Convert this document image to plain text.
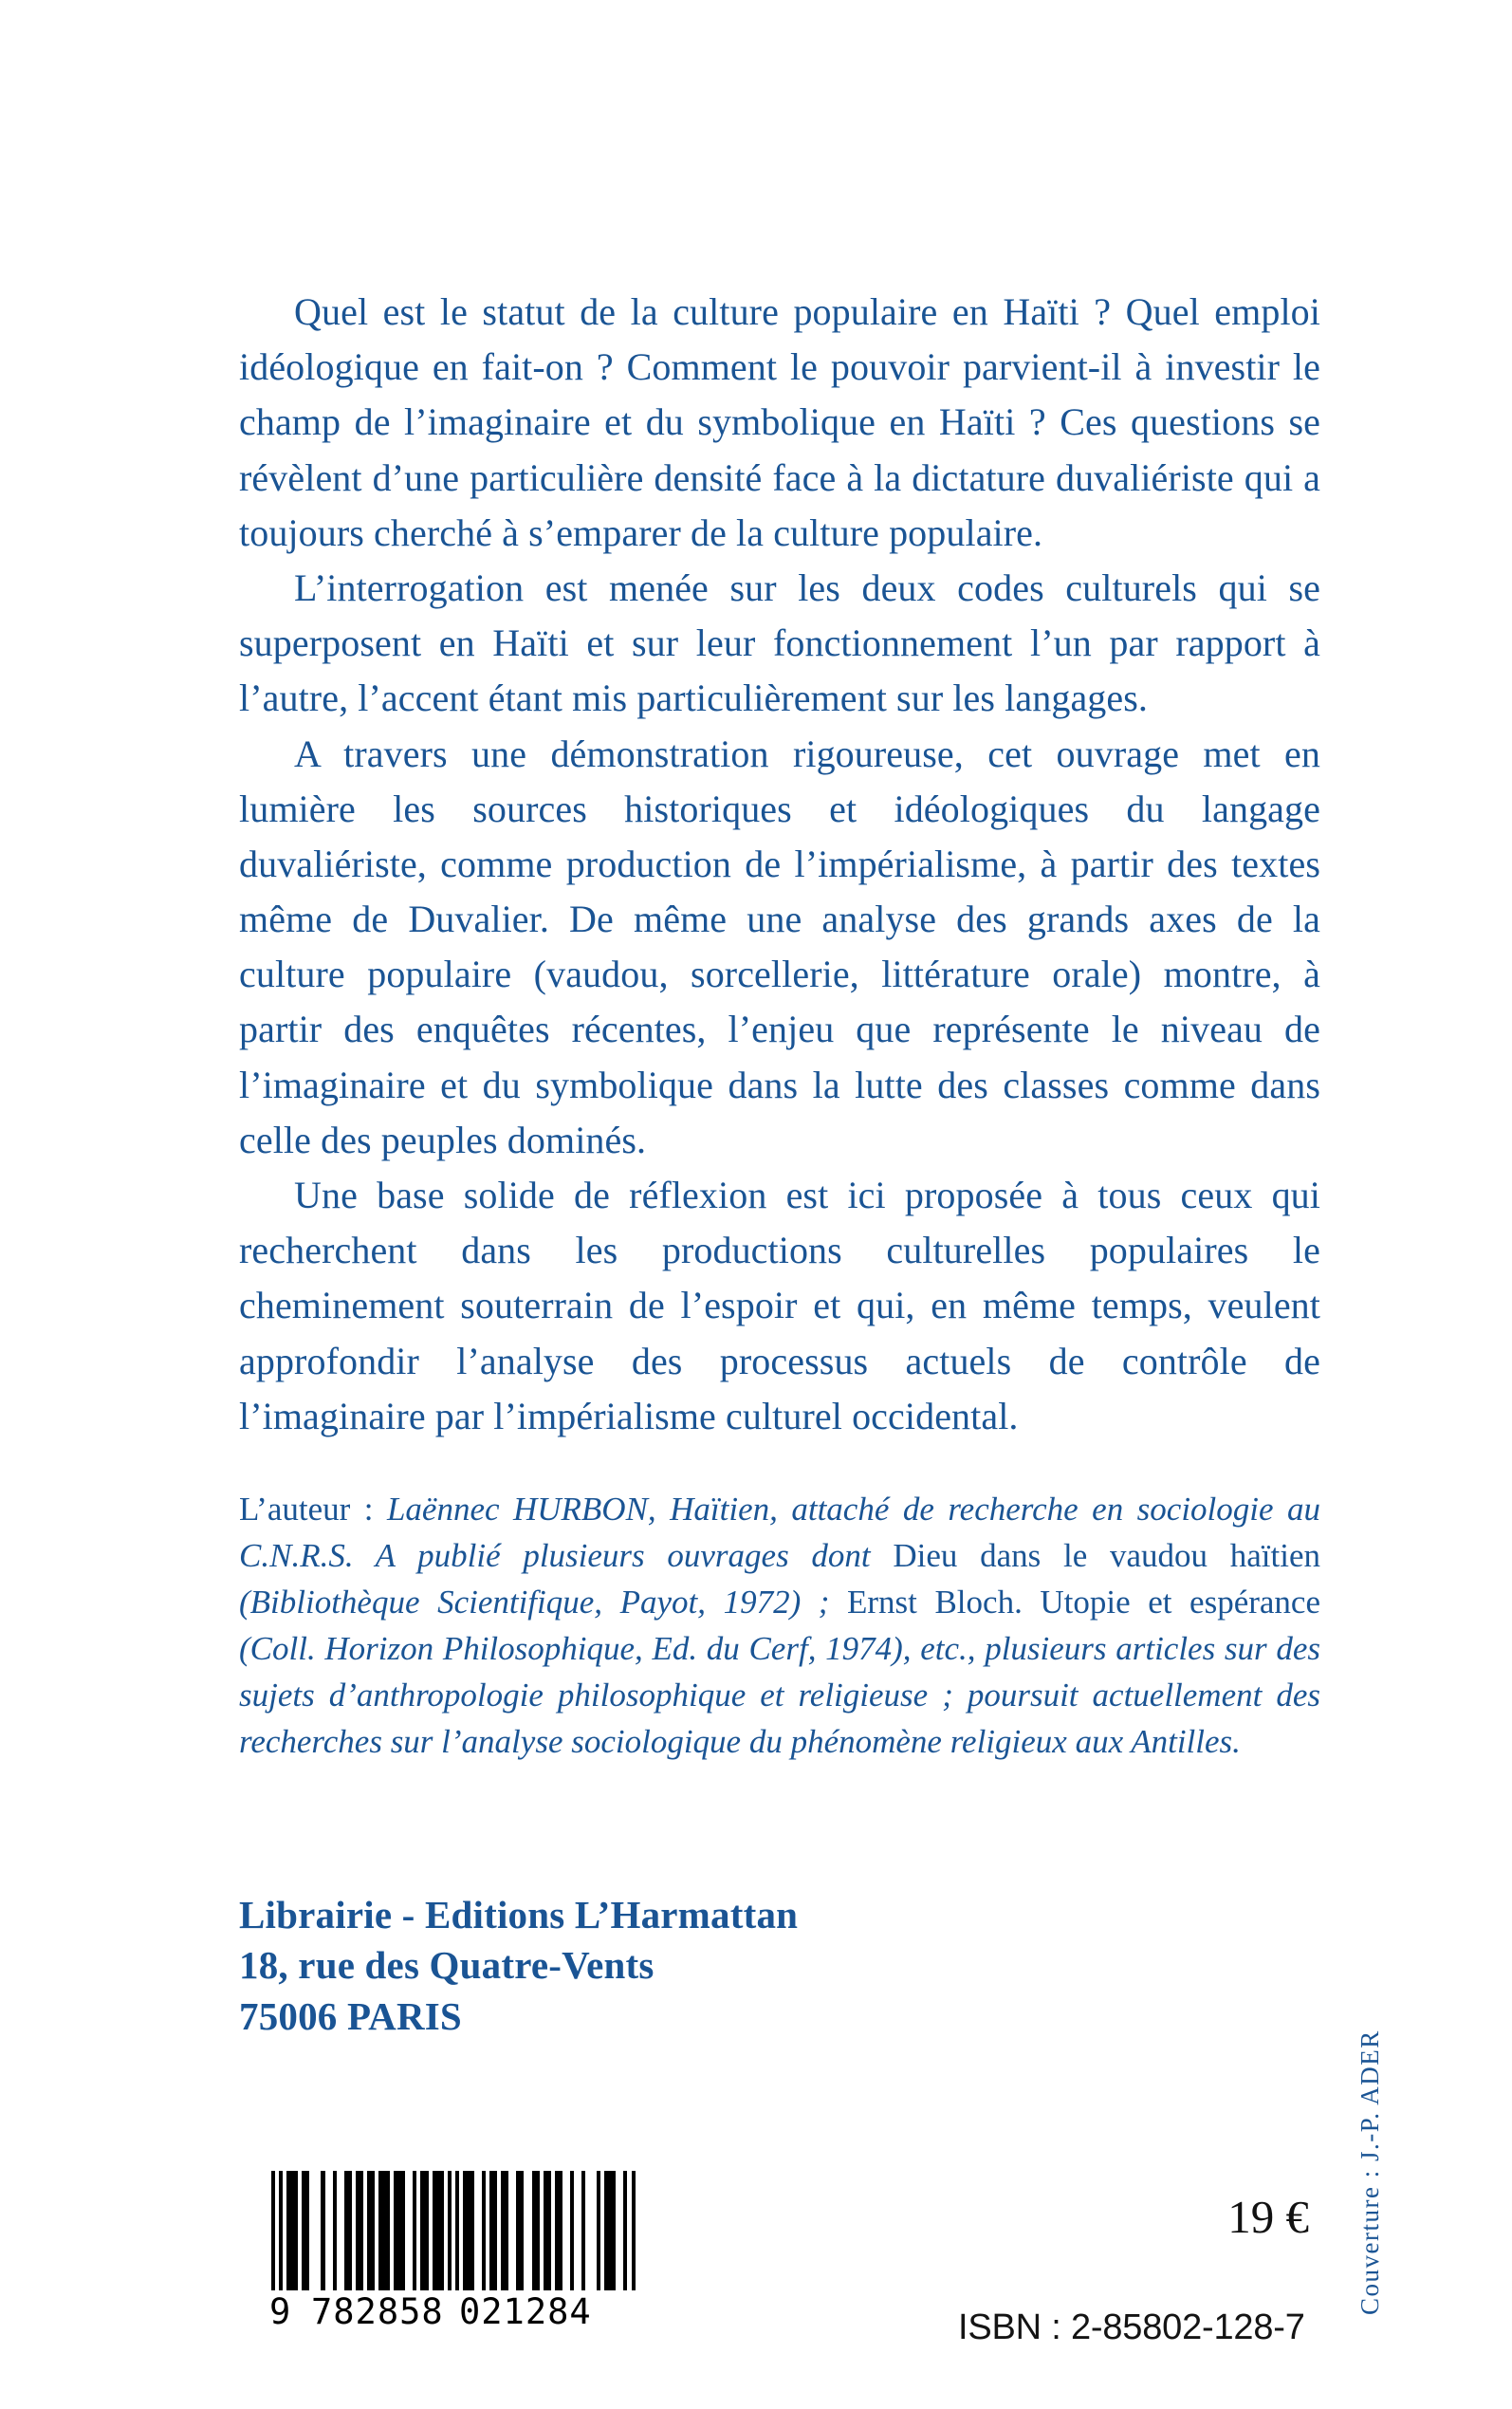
Quel est le statut de la culture populaire en Haïti ? Quel emploi idéologique en fait-on ? Comment le pouvoir parvient-il à investir le champ de l’imaginaire et du symbolique en Haïti ? Ces questions se révèlent d’une particulière densité face à la dictature duvaliériste qui a toujours cherché à s’emparer de la culture populaire.

L’interrogation est menée sur les deux codes culturels qui se superposent en Haïti et sur leur fonctionnement l’un par rapport à l’autre, l’accent étant mis particulièrement sur les langages.

A travers une démonstration rigoureuse, cet ouvrage met en lumière les sources historiques et idéologiques du langage duvaliériste, comme production de l’impérialisme, à partir des textes même de Duvalier. De même une analyse des grands axes de la culture populaire (vaudou, sorcellerie, littérature orale) montre, à partir des enquêtes récentes, l’enjeu que représente le niveau de l’imaginaire et du symbolique dans la lutte des classes comme dans celle des peuples dominés.

Une base solide de réflexion est ici proposée à tous ceux qui recherchent dans les productions culturelles populaires le cheminement souterrain de l’espoir et qui, en même temps, veulent approfondir l’analyse des processus actuels de contrôle de l’imaginaire par l’impérialisme culturel occidental.

L’auteur : Laënnec HURBON, Haïtien, attaché de recherche en sociologie au C.N.R.S. A publié plusieurs ouvrages dont Dieu dans le vaudou haïtien (Bibliothèque Scientifique, Payot, 1972) ; Ernst Bloch. Utopie et espérance (Coll. Horizon Philosophique, Ed. du Cerf, 1974), etc., plusieurs articles sur des sujets d’anthropologie philosophique et religieuse ; poursuit actuellement des recherches sur l’analyse sociologique du phénomène religieux aux Antilles.
Librairie - Editions L’Harmattan
18, rue des Quatre-Vents
75006 PARIS
Couverture : J.-P. ADER
9 782858 021284
19 €
ISBN : 2-85802-128-7
